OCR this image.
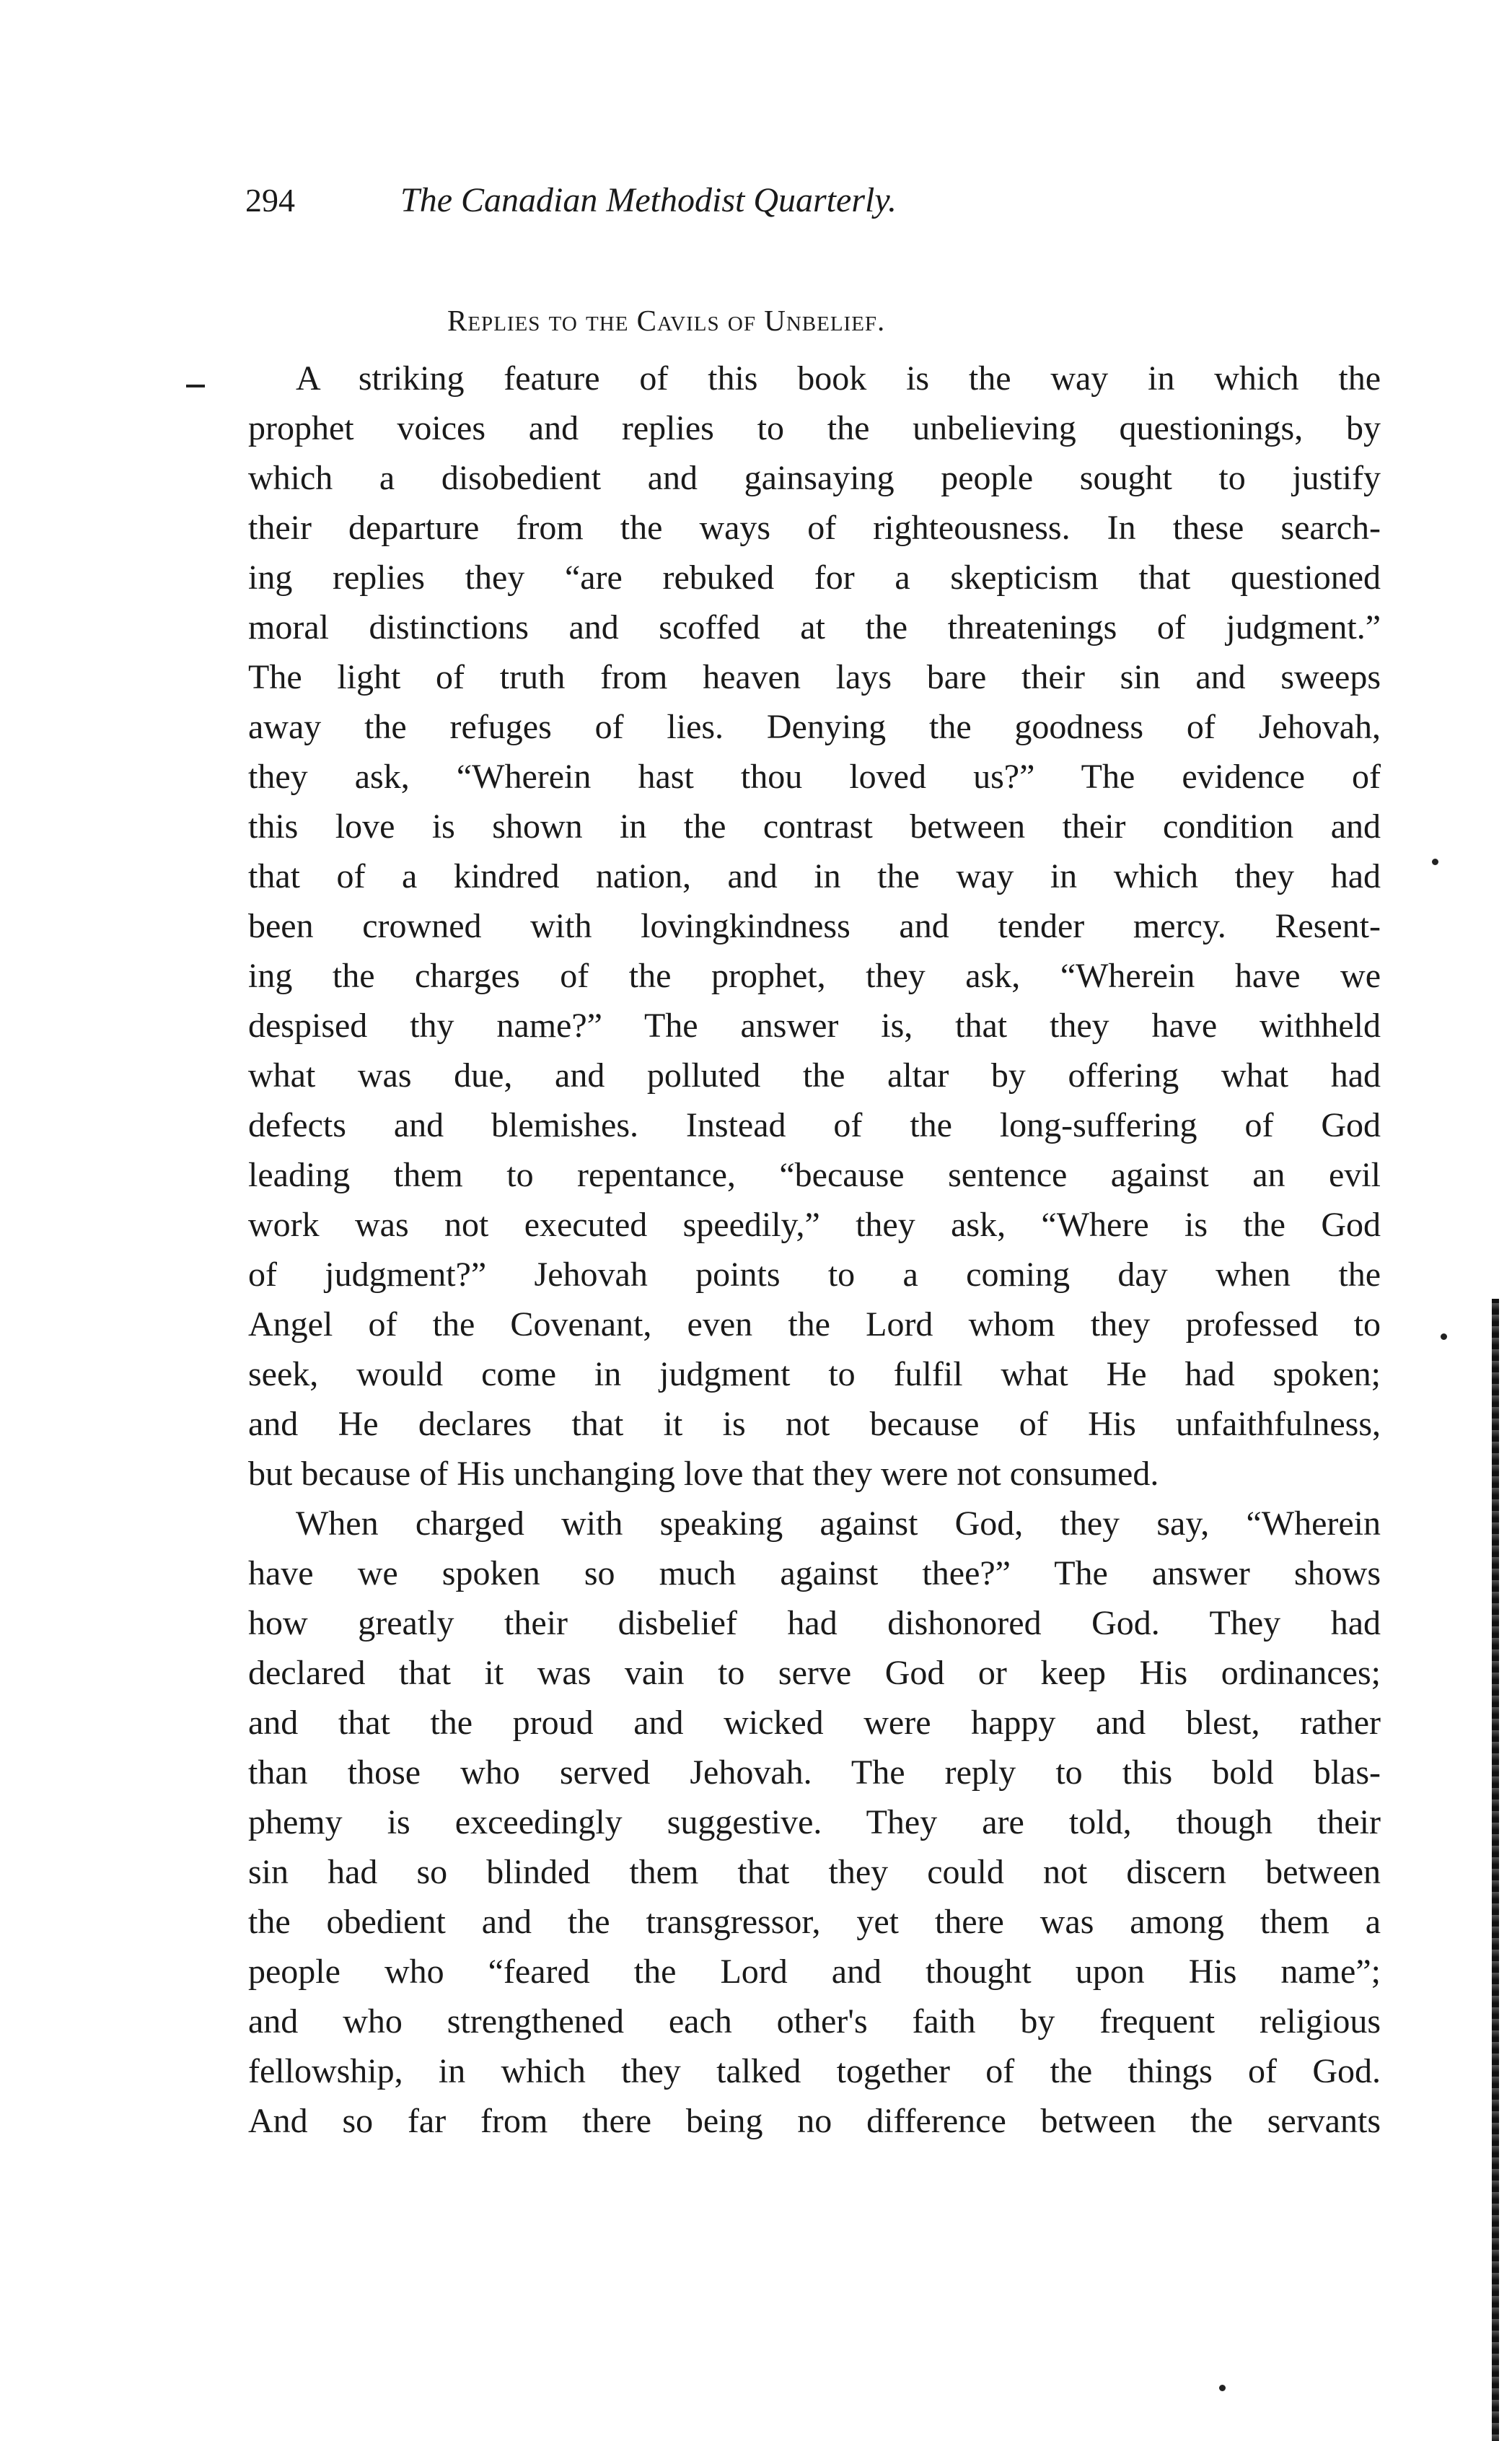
294	The Canadian Methodist Quarterly.
Replies to the Cavils of Unbelief.
A striking feature of this book is the way in which the
prophet voices and replies to the unbelieving questionings, by
which a disobedient and gainsaying people sought to justify
their departure from the ways of righteousness. In these search-
ing replies they “are rebuked for a skepticism that questioned
moral distinctions and scoffed at the threatenings of judgment.”
The light of truth from heaven lays bare their sin and sweeps
away the refuges of lies. Denying the goodness of Jehovah,
they ask, “Wherein hast thou loved us?” The evidence of
this love is shown in the contrast between their condition and
that of a kindred nation, and in the way in which they had
been crowned with lovingkindness and tender mercy. Resent-
ing the charges of the prophet, they ask, “Wherein have we
despised thy name?” The answer is, that they have withheld
what was due, and polluted the altar by offering what had
defects and blemishes. Instead of the long-suffering of God
leading them to repentance, “because sentence against an evil
work was not executed speedily,” they ask, “Where is the God
of judgment?” Jehovah points to a coming day when the
Angel of the Covenant, even the Lord whom they professed to
seek, would come in judgment to fulfil what He had spoken;
and He declares that it is not because of His unfaithfulness,
but because of His unchanging love that they were not consumed.
When charged with speaking against God, they say, “Wherein
have we spoken so much against thee?” The answer shows
how greatly their disbelief had dishonored God. They had
declared that it was vain to serve God or keep His ordinances;
and that the proud and wicked were happy and blest, rather
than those who served Jehovah. The reply to this bold blas-
phemy is exceedingly suggestive. They are told, though their
sin had so blinded them that they could not discern between
the obedient and the transgressor, yet there was among them a
people who “feared the Lord and thought upon His name”;
and who strengthened each other's faith by frequent religious
fellowship, in which they talked together of the things of God.
And so far from there being no difference between the servants
